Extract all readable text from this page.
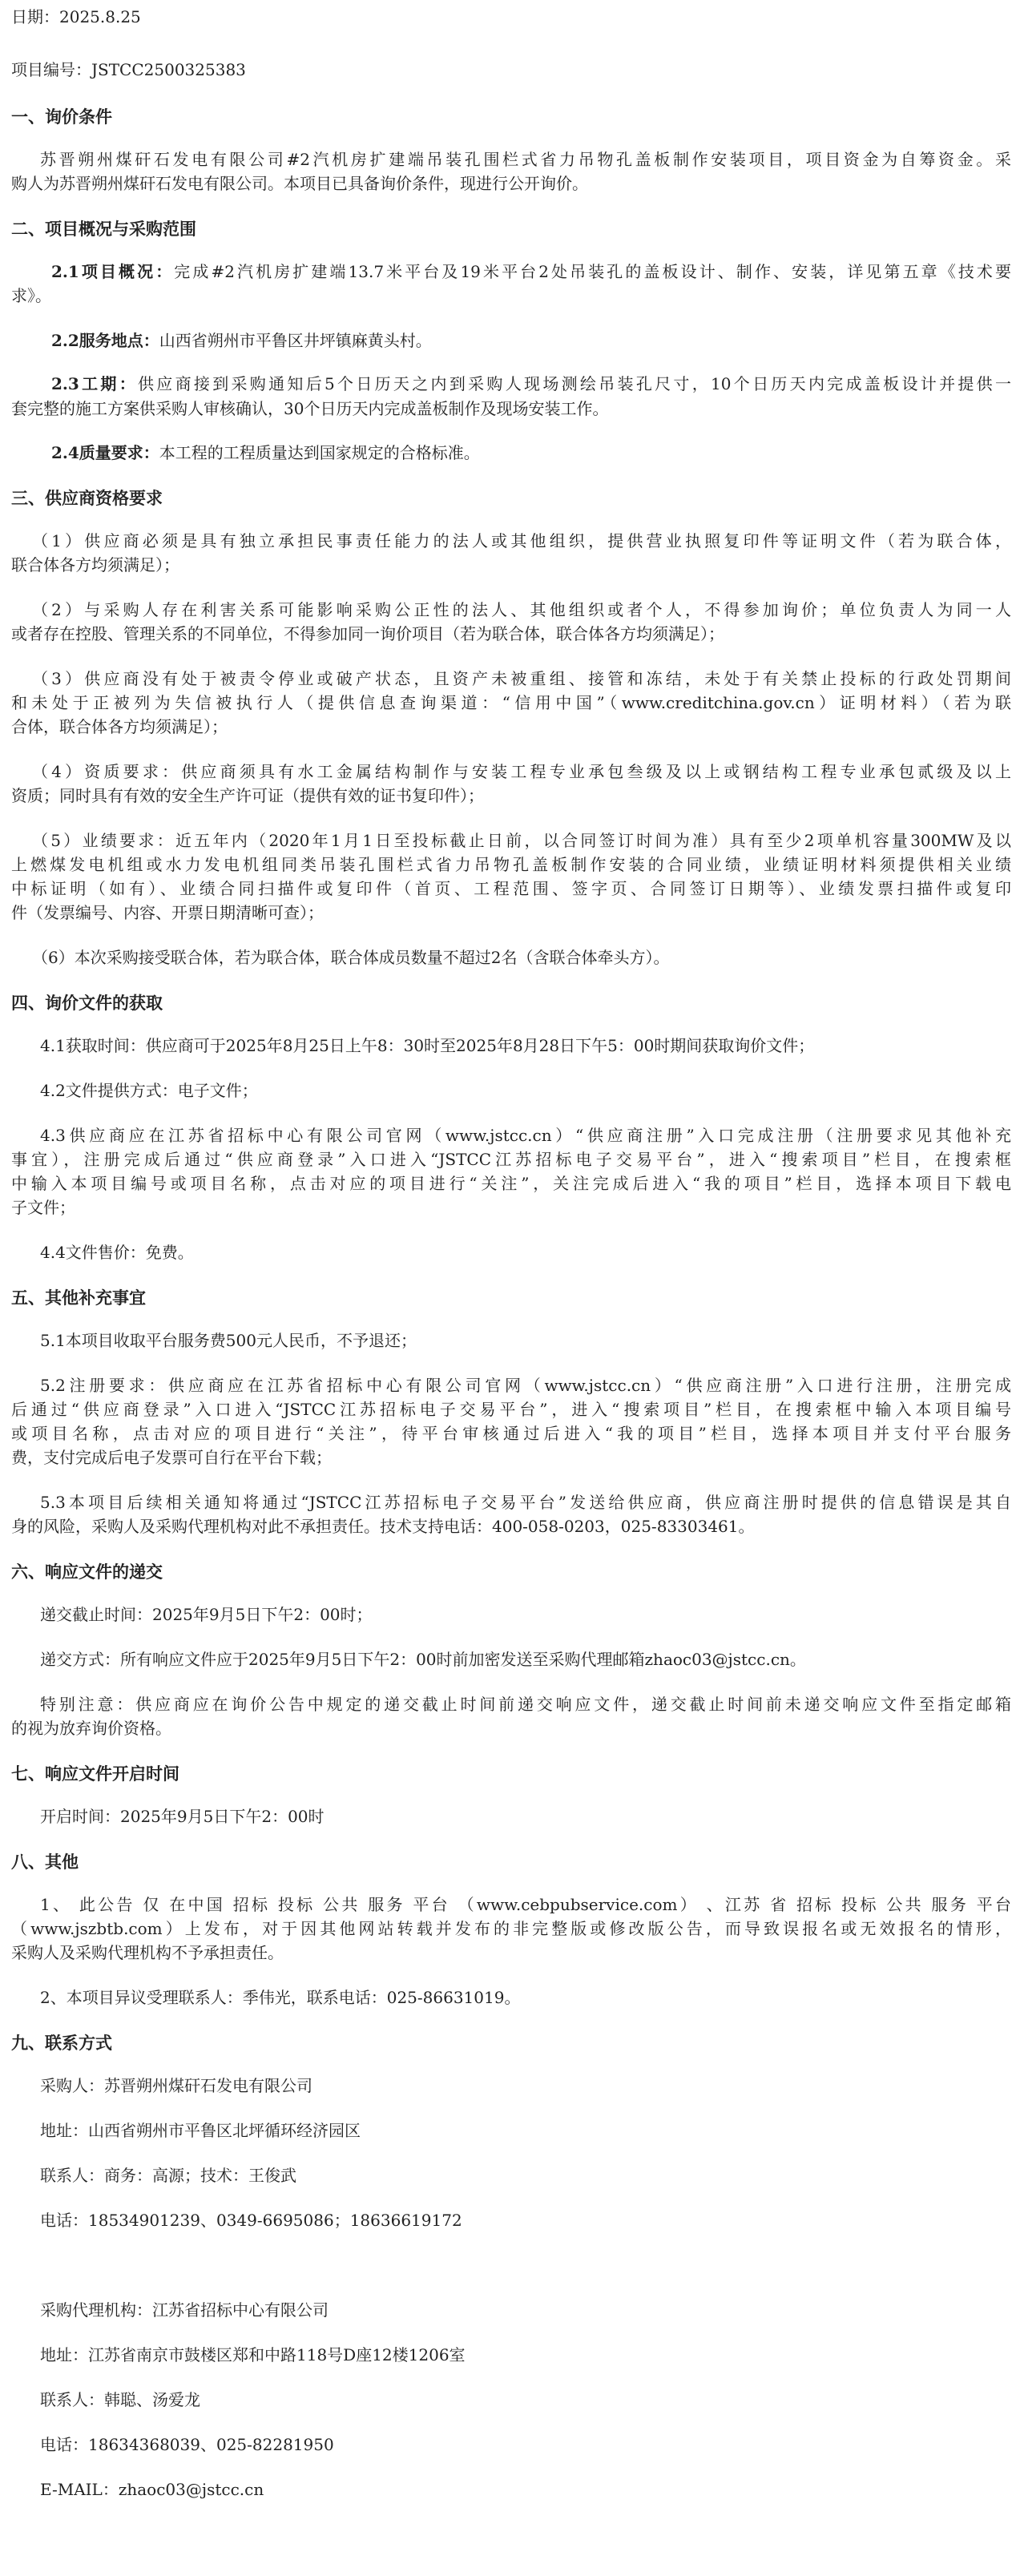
日期：2025.8.25
项目编号：JSTCC2500325383
一、询价条件
苏晋朔州煤矸石发电有限公司#2汽机房扩建端吊装孔围栏式省力吊物孔盖板制作安装项目，项目资金为自筹资金。采
购人为苏晋朔州煤矸石发电有限公司。本项目已具备询价条件，现进行公开询价。
二、项目概况与采购范围
2.1项目概况：完成#2汽机房扩建端13.7米平台及19米平台2处吊装孔的盖板设计、制作、安装，详见第五章《技术要
求》。
2.2服务地点：山西省朔州市平鲁区井坪镇麻黄头村。
2.3工期：供应商接到采购通知后5个日历天之内到采购人现场测绘吊装孔尺寸，10个日历天内完成盖板设计并提供一
套完整的施工方案供采购人审核确认，30个日历天内完成盖板制作及现场安装工作。
2.4质量要求：本工程的工程质量达到国家规定的合格标准。
三、供应商资格要求
（1）供应商必须是具有独立承担民事责任能力的法人或其他组织，提供营业执照复印件等证明文件（若为联合体，
联合体各方均须满足）；
（2）与采购人存在利害关系可能影响采购公正性的法人、其他组织或者个人，不得参加询价；单位负责人为同一人
或者存在控股、管理关系的不同单位，不得参加同一询价项目（若为联合体，联合体各方均须满足）；
（3）供应商没有处于被责令停业或破产状态，且资产未被重组、接管和冻结，未处于有关禁止投标的行政处罚期间
和未处于正被列为失信被执行人（提供信息查询渠道：“信用中国”（www.creditchina.gov.cn）证明材料）（若为联
合体，联合体各方均须满足）；
（4）资质要求：供应商须具有水工金属结构制作与安装工程专业承包叁级及以上或钢结构工程专业承包贰级及以上
资质；同时具有有效的安全生产许可证（提供有效的证书复印件）；
（5）业绩要求：近五年内（2020年1月1日至投标截止日前，以合同签订时间为准）具有至少2项单机容量300MW及以
上燃煤发电机组或水力发电机组同类吊装孔围栏式省力吊物孔盖板制作安装的合同业绩，业绩证明材料须提供相关业绩
中标证明（如有）、业绩合同扫描件或复印件（首页、工程范围、签字页、合同签订日期等）、业绩发票扫描件或复印
件（发票编号、内容、开票日期清晰可查）；
（6）本次采购接受联合体，若为联合体，联合体成员数量不超过2名（含联合体牵头方）。
四、询价文件的获取
4.1获取时间：供应商可于2025年8月25日上午8：30时至2025年8月28日下午5：00时期间获取询价文件；
4.2文件提供方式：电子文件；
4.3供应商应在江苏省招标中心有限公司官网（www.jstcc.cn）“供应商注册”入口完成注册（注册要求见其他补充
事宜），注册完成后通过“供应商登录”入口进入“JSTCC江苏招标电子交易平台”，进入“搜索项目”栏目，在搜索框
中输入本项目编号或项目名称，点击对应的项目进行“关注”，关注完成后进入“我的项目”栏目，选择本项目下载电
子文件；
4.4文件售价：免费。
五、其他补充事宜
5.1本项目收取平台服务费500元人民币，不予退还；
5.2注册要求：供应商应在江苏省招标中心有限公司官网（www.jstcc.cn）“供应商注册”入口进行注册，注册完成
后通过“供应商登录”入口进入“JSTCC江苏招标电子交易平台”，进入“搜索项目”栏目，在搜索框中输入本项目编号
或项目名称，点击对应的项目进行“关注”，待平台审核通过后进入“我的项目”栏目，选择本项目并支付平台服务
费，支付完成后电子发票可自行在平台下载；
5.3本项目后续相关通知将通过“JSTCC江苏招标电子交易平台”发送给供应商，供应商注册时提供的信息错误是其自
身的风险，采购人及采购代理机构对此不承担责任。技术支持电话：400-058-0203，025-83303461。
六、响应文件的递交
递交截止时间：2025年9月5日下午2：00时；
递交方式：所有响应文件应于2025年9月5日下午2：00时前加密发送至采购代理邮箱zhaoc03@jstcc.cn。
特别注意：供应商应在询价公告中规定的递交截止时间前递交响应文件，递交截止时间前未递交响应文件至指定邮箱
的视为放弃询价资格。
七、响应文件开启时间
开启时间：2025年9月5日下午2：00时
八、其他
1、 此公告 仅 在中国 招标 投标 公共 服务 平台 （www.cebpubservice.com） 、江苏 省 招标 投标 公共 服务 平台
（www.jszbtb.com）上发布，对于因其他网站转载并发布的非完整版或修改版公告，而导致误报名或无效报名的情形，
采购人及采购代理机构不予承担责任。
2、本项目异议受理联系人：季伟光，联系电话：025-86631019。
九、联系方式
采购人：苏晋朔州煤矸石发电有限公司
地址：山西省朔州市平鲁区北坪循环经济园区
联系人：商务：高源；技术：王俊武
电话：18534901239、0349-6695086；18636619172
采购代理机构：江苏省招标中心有限公司
地址：江苏省南京市鼓楼区郑和中路118号D座12楼1206室
联系人：韩聪、汤爱龙
电话：18634368039、025-82281950
E-MAIL：zhaoc03@jstcc.cn
